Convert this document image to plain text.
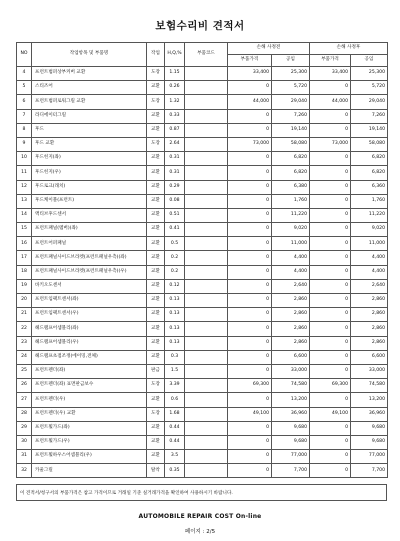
보험수리비 견적서
NO	작업항목 및 부품명	작업	H,Q,%	부품코드	손해 사정전		손해 사정후	
					부품가격	공임	부품가격	공임
4	프런트범퍼상부커버 교환	도장	1.15		33,400	25,300	33,400	25,300
5	스티즈어	교환	0.26		0	5,720	0	5,720
6	프런트범퍼로워그릴 교환	도장	1.32		44,000	29,040	44,000	29,040
7	라디에이터그릴	교환	0.33		0	7,260	0	7,260
8	후드	교환	0.87		0	19,140	0	19,140
9	후드 교환	도장	2.64		73,000	58,080	73,000	58,080
10	후드힌지(좌)	교환	0.31		0	6,820	0	6,820
11	후드힌지(우)	교환	0.31		0	6,820	0	6,820
12	후드로크(래치)	교환	0.29		0	6,380	0	6,360
13	후드케이블(프런트)	교환	0.08		0	1,760	0	1,760
14	액티브후드센서	교환	0.51		0	11,220	0	11,220
15	프런트패널(멤버)(좌)	교환	0.41		0	9,020	0	9,020
16	프런트어퍼패널	교환	0.5		0	11,000	0	11,000
17	프런트패널사이드브라켓(프런트패널우측)(좌)	교환	0.2		0	4,400	0	4,400
18	프런트패널사이드브라켓(프런트패널우측)(우)	교환	0.2		0	4,400	0	4,400
19	바키오도센서	교환	0.12		0	2,640	0	2,640
20	프런트임팩트센서(좌)	교환	0.13		0	2,860	0	2,860
21	프런트임팩트센서(우)	교환	0.13		0	2,860	0	2,860
22	헤드램프어셈블리(좌)	교환	0.13		0	2,860	0	2,860
23	헤드램프어셈블리(우)	교환	0.13		0	2,860	0	2,860
24	헤드램프초점조정(에이밍,전체)	교환	0.3		0	6,600	0	6,600
25	프런트펜더(좌)	판금	1.5		0	33,000	0	33,000
26	프런트펜더(좌) 표면판금보수	도장	3.39		69,300	74,580	69,300	74,580
27	프런트펜더(우)	교환	0.6		0	13,200	0	13,200
28	프런트펜더(우) 교환	도장	1.68		49,100	36,960	49,100	36,960
29	프런트휠가드(좌)	교환	0.44		0	9,680	0	9,680
30	프런트휠가드(우)	교환	0.44		0	9,680	0	9,680
31	프런트휠하우스어셈블리(우)	교환	3.5		0	77,000	0	77,000
32	카울그릴	탈착	0.35		0	7,700	0	7,700
이 견적서/청구서의 부품가격은 참고 가격이므로 거래일 기준 실거래가격을 확인하여 사용하시기 바랍니다.
AUTOMOBILE REPAIR COST On-line
페이지 : 2/5
